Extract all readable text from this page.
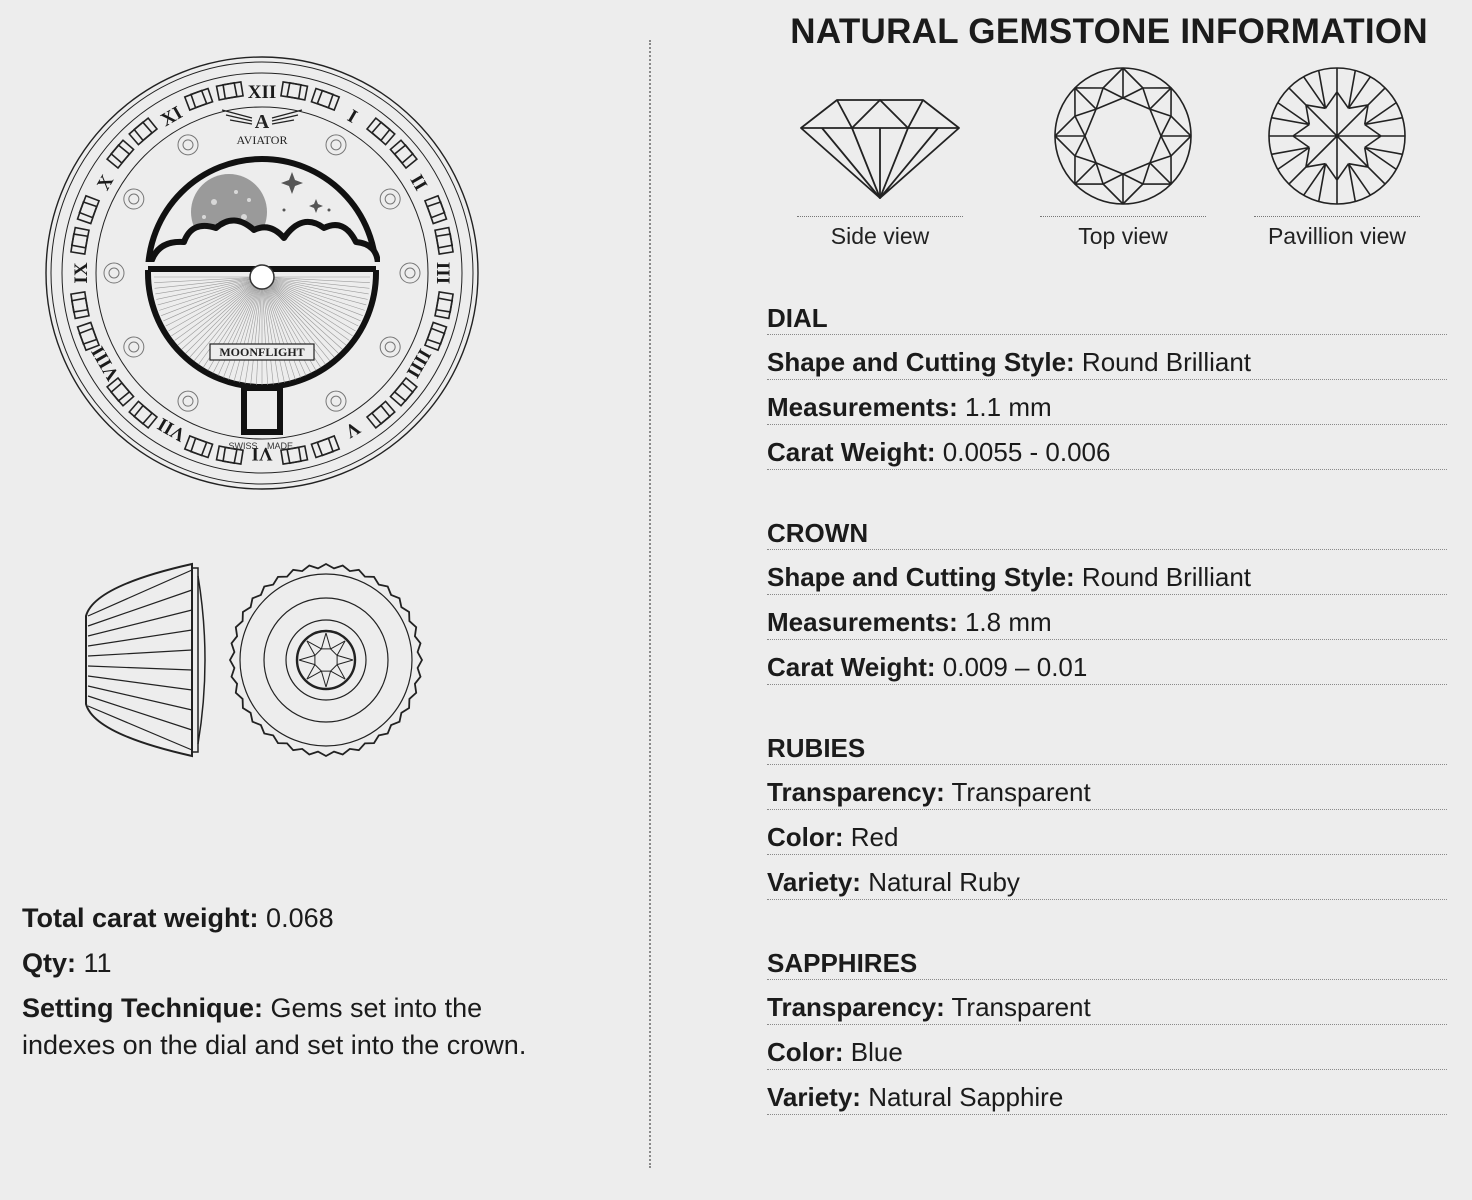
XII
I
II
III
IIII
V
VI
VII
VIII
IX
X
XI	A
AVIATOR
MOONFLIGHT
SWISS MADE
Total carat weight: 0.068
Qty: 11
Setting Technique: Gems set into the indexes on the dial and set into the crown.
NATURAL GEMSTONE INFORMATION
Side view	Top view	Pavillion view
DIAL
Shape and Cutting Style: Round Brilliant
Measurements: 1.1 mm
Carat Weight: 0.0055 - 0.006
CROWN
Shape and Cutting Style: Round Brilliant
Measurements: 1.8 mm
Carat Weight: 0.009 – 0.01
RUBIES
Transparency: Transparent
Color: Red
Variety: Natural Ruby
SAPPHIRES
Transparency: Transparent
Color: Blue
Variety: Natural Sapphire
